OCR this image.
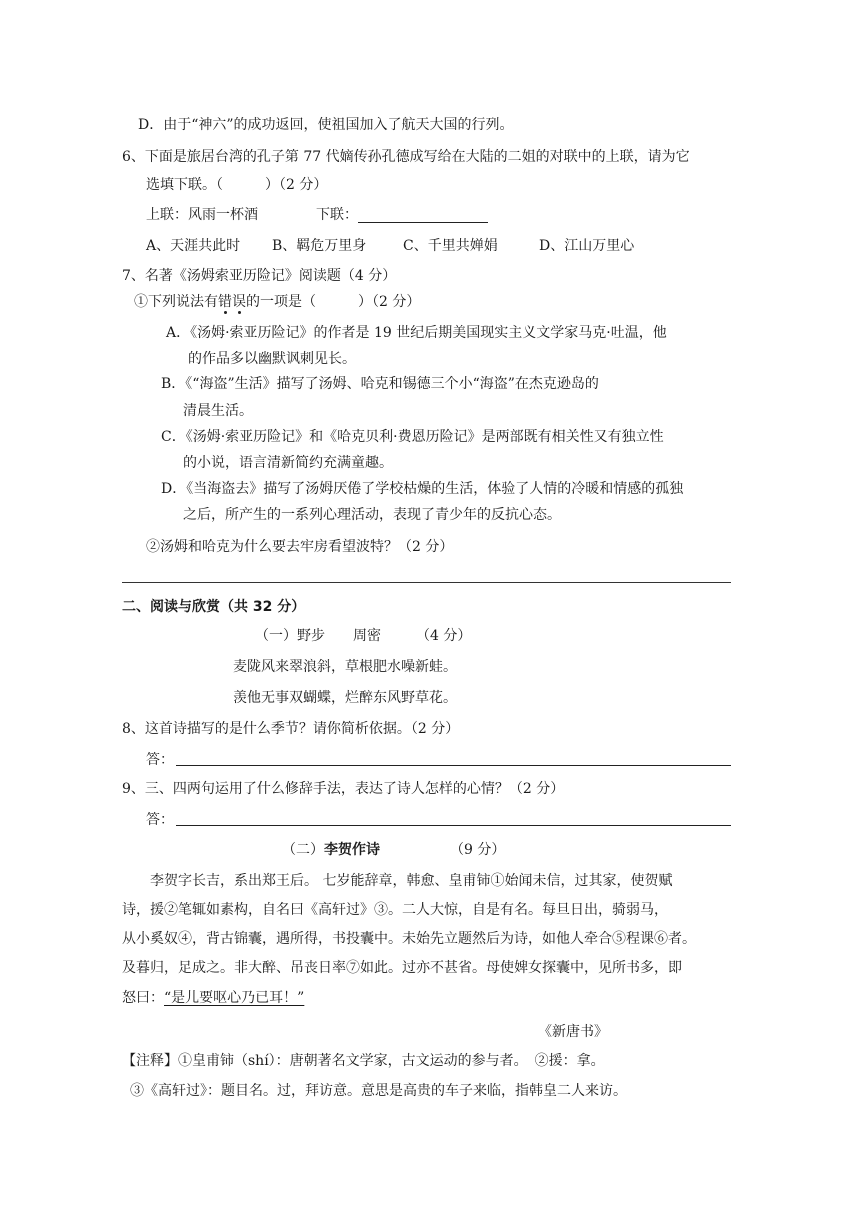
D．由于“神六”的成功返回，使祖国加入了航天大国的行列。
6、下面是旅居台湾的孔子第 77 代嫡传孙孔德成写给在大陆的二姐的对联中的上联，请为它
选填下联。（　　　）（2 分）
上联：风雨一杯酒	下联：
A、天涯共此时 B、羁危万里身	C、千里共婵娟	D、江山万里心
7、名著《汤姆索亚历险记》阅读题（4 分）
①下列说法有错误的一项是（　　　）（2 分）
A．《汤姆·索亚历险记》的作者是 19 世纪后期美国现实主义文学家马克·吐温，他
的作品多以幽默讽刺见长。
B．《“海盗”生活》描写了汤姆、哈克和锡德三个小“海盗”在杰克逊岛的
清晨生活。
C．《汤姆·索亚历险记》和《哈克贝利·费恩历险记》是两部既有相关性又有独立性
的小说，语言清新简约充满童趣。
D．《当海盗去》描写了汤姆厌倦了学校枯燥的生活，体验了人情的冷暖和情感的孤独
之后，所产生的一系列心理活动，表现了青少年的反抗心态。
②汤姆和哈克为什么要去牢房看望波特？（2 分）
二、阅读与欣赏（共 32 分）
（一）野步　　周密　　　（4 分）
麦陇风来翠浪斜，草根肥水噪新蛙。
羡他无事双蝴蝶，烂醉东风野草花。
8、这首诗描写的是什么季节？请你简析依据。（2 分）
答：
9、三、四两句运用了什么修辞手法，表达了诗人怎样的心情？（2 分）
答：
（二）李贺作诗	（9 分）
李贺字长吉，系出郑王后。 七岁能辞章，韩愈、皇甫铈①始闻未信，过其家，使贺赋
诗，援②笔辄如素构，自名曰《高轩过》③。二人大惊，自是有名。每旦日出，骑弱马，
从小奚奴④，背古锦囊，遇所得，书投囊中。未始先立题然后为诗，如他人牵合⑤程课⑥者。
及暮归，足成之。非大醉、吊丧日率⑦如此。过亦不甚省。母使婢女探囊中，见所书多，即
怒曰：“是儿要呕心乃已耳！”
《新唐书》
【注释】①皇甫铈（shí）：唐朝著名文学家，古文运动的参与者。　②援：拿。
③《高轩过》：题目名。过，拜访意。意思是高贵的车子来临，指韩皇二人来访。
